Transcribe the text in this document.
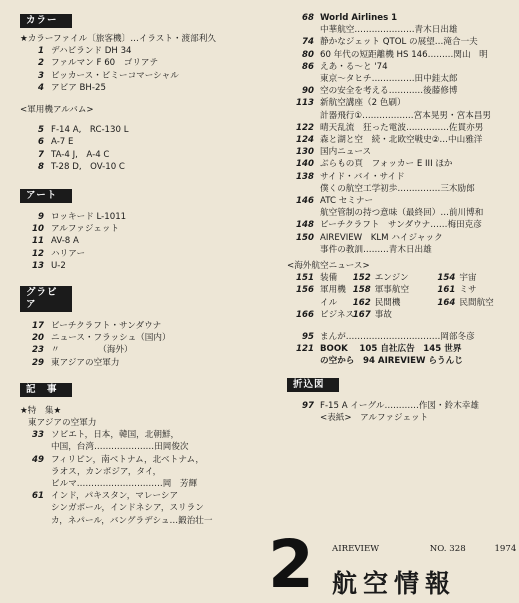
カラー
★カラーファイル〔旅客機〕…イラスト・渡部利久
1 デハビランド DH 34
2 ファルマン F 60　ゴリアテ
3 ビッカース・ビミーコマーシャル
4 アビア BH-25
<軍用機アルバム>
5 F-14 A,　RC-130 L
6 A-7 E
7 TA-4 J,　A-4 C
8 T-28 D,　OV-10 C
アート
9 ロッキード L-1011
10 アルファジェット
11 AV-8 A
12 ハリアー
13 U-2
グラビア
17 ビーチクラフト・サンダウナ
20 ニュース・フラッシュ（国内）
23 〃　　　　　（海外）
29 東アジアの空軍力
記　事
★特　集★
東アジアの空軍力
33 ソビエト，日本，韓国，北朝鮮，
中国，台湾…………………田岡俊次
49 フィリピン，南ベトナム，北ベトナム，
ラオス，カンボジア，タイ，
ビルマ…………………………岡　芳輝
61 インド，パキスタン，マレーシア
シンガポール，インドネシア，スリラン
カ，ネパール，バングラデシュ…鍛治壮一
68 World Airlines 1
中華航空…………………青木日出雄
74 静かなジェット QTOL の展望…滝合一夫
80 60 年代の短距離機 HS 146………関山　明
86 えあ・る～と '74
東京～タヒチ……………田中銈太郎
90 空の安全を考える…………後藤修博
113 新航空講座（2 色刷）
計器飛行①………………宮本晃男・宮本昌男
122 晴天乱流　狂った電波……………佐貫亦男
124 森と湖と空　続・北欧空戦史②…中山雅洋
130 国内ニュース
140 ぶらもの頁　フォッカー E III ほか
138 サイド・バイ・サイド
僕くの航空工学初歩……………三木励郎
146 ATC セミナー
航空管制の持つ意味（最終回）…前川博和
148 ビーチクラフト　サンダウナ……梅田克彦
150 AIREVIEW　KLM ハイジャック
事件の教訓………青木日出雄
<海外航空ニュース>
151 装備 152 エンジン	154 宇宙
156 軍用機 158 軍事航空	161 ミサ
イル 162 民間機	164 民間航空
166 ビジネス 167 事故
95 まんが……………………………岡部冬彦
121 BOOK　 105 自社広告　145 世界
の空から　94 AIREVIEW らうんじ
折込図
97 F-15 A イーグル…………作図・鈴木幸雄
<表紙>　アルファジェット
2 AIREVIEW	NO. 328	1974
航空情報
